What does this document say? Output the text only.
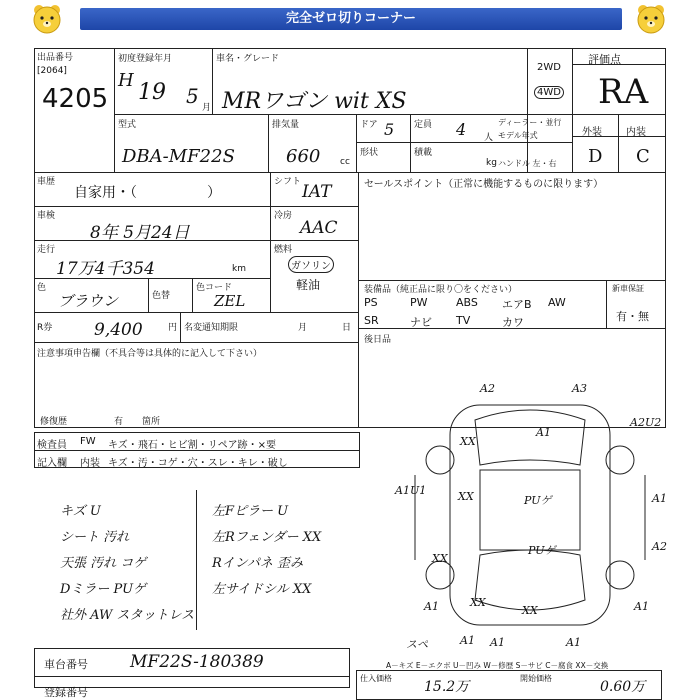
完全ゼロ切りコーナー
出品番号
[2064]
4205
初度登録年月
H 19 5 月
車名・グレード
MRワゴン wit XS
2WD
4WD
評価点
RA
型式
DBA-MF22S
排気量
660 cc
ドア 5 定員 4 人
ディーラー・並行
モデル年式
形状	積載
kg ハンドル 左・右
外装 内装
D C
車歴
自家用・（　　　　　）
シフト IAT	セールスポイント（正常に機能するものに限ります）
車検
8年 5月24日
冷房
AAC
走行
17万4千354	km
燃料
ガソリン
軽油
色
ブラウン	色替
色コード
ZEL
R券 9,400	円 名変通知期限	月	日
注意事項申告欄（不具合等は具体的に記入して下さい）
修復歴	有 箇所
装備品（純正品に限り〇をください）	新車保証
有・無
PS	PW	ABS	エアB	AW
SR	ナビ	TV	カワ
後日品
検査員 FW キズ・飛石・ヒビ割・リペア跡・×要
記入欄 内装 キズ・汚・コゲ・穴・スレ・キレ・破し
キズ U
シート 汚れ
天張 汚れ コゲ
Dミラー PUゲ
社外 AW スタットレス
左Fピラー U
左Rフェンダー XX
Rインパネ 歪み
左サイドシル XX
A2	A3
A1
A2U2
XX
A1U1	XX	PUゲ	A1
PUゲ	A2
XX
A1	A1
XX
A1 A1
スペ	A1
XX
車台番号 MF22S-180389
登録番号
A－キズ E－エクボ U－凹み W－修歴 S－サビ C－腐食 XX－交換
仕入価格
15.2万
開始価格
0.60万
